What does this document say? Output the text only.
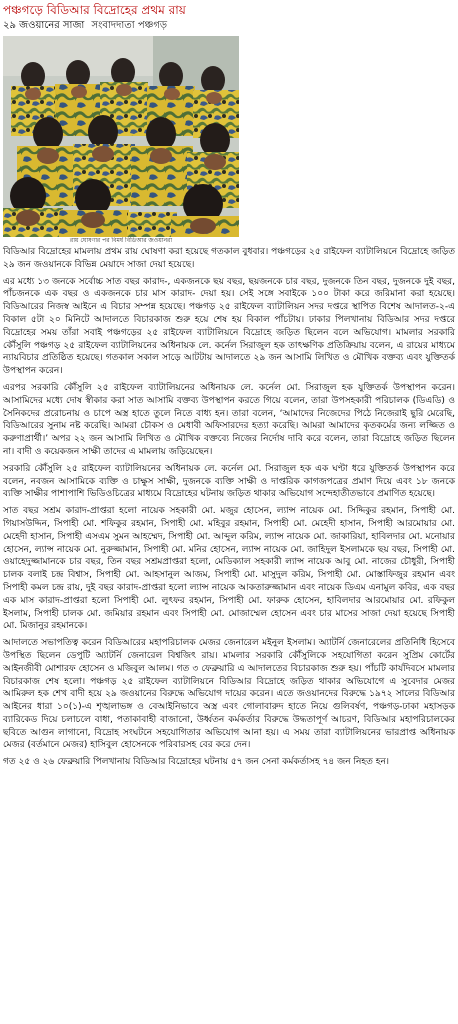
পঞ্চগড়ে বিডিআর বিদ্রোহের প্রথম রায়
২৯ জওয়ানের সাজা সংবাদদাতা পঞ্চগড়
রায় ঘোষণার পর বিমর্ষ বিডিআর জওয়ানরা

বিডিআর বিদ্রোহের মামলায় প্রথম রায় ঘোষণা করা হয়েছে গতকাল বুধবার। পঞ্চগড়ের ২৫ রাইফেল ব্যাটালিয়নে বিদ্রোহে জড়িত ২৯ জন জওয়ানকে বিভিন্ন মেয়াদে সাজা দেয়া হয়েছে।

এর মধ্যে ১৩ জনকে সর্বোচ্চ সাত বছর কারাদ-, একজনকে ছয় বছর, ছয়জনকে চার বছর, দুজনকে তিন বছর, দুজনকে দুই বছর, পাঁচজনকে এক বছর ও একজনকে চার মাস কারাদ- দেয়া হয়। সেই সঙ্গে সবাইকে ১০০ টাকা করে জরিমানা করা হয়েছে। বিডিআরের নিজস্ব আইনে এ বিচার সম্পন্ন হয়েছে। পঞ্চগড় ২৫ রাইফেল ব্যাটালিয়ন সদর দপ্তরে স্থাপিত বিশেষ আদালত-২-এ বিকাল ৫টা ২০ মিনিটে আদালতে বিচারকাজ শুরু হয়ে শেষ হয় বিকাল পাঁচটায়। ঢাকার পিলখানায় বিডিআর সদর দপ্তরে বিদ্রোহের সময় তাঁরা সবাই পঞ্চগড়ের ২৫ রাইফেল ব্যাটালিয়নে বিদ্রোহে জড়িত ছিলেন বলে অভিযোগ। মামলার সরকারি কৌঁসুলি পঞ্চগড় ২৫ রাইফেল ব্যাটালিয়নের অধিনায়ক লে. কর্নেল সিরাজুল হক তাৎক্ষণিক প্রতিক্রিয়ায় বলেন, এ রায়ের মাধ্যমে ন্যায়বিচার প্রতিষ্ঠিত হয়েছে। গতকাল সকাল সাড়ে আটটায় আদালতে ২৯ জন আসামি লিখিত ও মৌখিক বক্তব্য এবং যুক্তিতর্ক উপস্থাপন করেন।

এরপর সরকারি কৌঁসুলি ২৫ রাইফেল ব্যাটালিয়নের অধিনায়ক লে. কর্নেল মো. সিরাজুল হক যুক্তিতর্ক উপস্থাপন করেন। আসামিদের মধ্যে দোষ স্বীকার করা সাত আসামি বক্তব্য উপস্থাপন করতে গিয়ে বলেন, তারা উপসহকারী পরিচালক (ডিএডি) ও সৈনিকদের প্ররোচনায় ও চাপে অস্ত্র হাতে তুলে নিতে বাধ্য হন। তারা বলেন, ‘আমাদের নিজেদের পিঠে নিজেরাই ছুরি মেরেছি, বিডিআরের সুনাম নষ্ট করেছি। আমরা চৌকস ও মেধাবী অফিসারদের হত্যা করেছি। আমরা আমাদের কৃতকর্মের জন্য লজ্জিত ও করুণাপ্রার্থী।’ অপর ২২ জন আসামি লিখিত ও মৌখিক বক্তব্যে নিজের নির্দোষ দাবি করে বলেন, তারা বিদ্রোহে জড়িত ছিলেন না। বাদী ও কয়েকজন সাক্ষী তাদের এ মামলায় জড়িয়েছেন।

সরকারি কৌঁসুলি ২৫ রাইফেল ব্যাটালিয়নের অধিনায়ক লে. কর্নেল মো. সিরাজুল হক এক ঘণ্টা ধরে যুক্তিতর্ক উপস্থাপন করে বলেন, নবজন আসামিকে ব্যক্তি ও চাক্ষুস সাক্ষী, দুজনকে ব্যক্তি সাক্ষী ও দাপ্তরিক কাগজপত্রের প্রমাণ দিয়ে এবং ১৮ জনকে ব্যক্তি সাক্ষীর পাশাপাশি ভিডিওচিত্রের মাধ্যমে বিদ্রোহের ঘটনায় জড়িত থাকার অভিযোগ সন্দেহাতীতভাবে প্রমাণিত হয়েছে।

সাত বছর সশ্রম কারাদ-প্রাপ্তরা হলো নায়েক সহকারী মো. মজুর হোসেন, ল্যান্স নায়েক মো. সিদ্দিকুর রহমান, সিপাহী মো. গিয়াসউদ্দিন, সিপাহী মো. শফিকুর রহমান, সিপাহী মো. মহিবুর রহমান, সিপাহী মো. মেহেদী হাসান, সিপাহী আরমোয়ার মো. মেহেদী হাসান, সিপাহী এসএম সুমন আহম্মেদ, সিপাহী মো. আব্দুল করিম, ল্যান্স নায়েক মো. জাকারিয়া, হাবিলদার মো. মনোয়ার হোসেন, ল্যান্স নায়েক মো. নুরুজ্জামান, সিপাহী মো. মনির হোসেন, ল্যান্স নায়েক মো. জাহিদুল ইসলামকে ছয় বছর, সিপাহী মো. ওয়াহেদুজ্জামানকে চার বছর, তিন বছর সশ্রমপ্রাপ্তরা হলো, মেডিক্যাল সহকারী ল্যান্স নায়েক আবু মো. নাজের চৌধুরী, সিপাহী চালক বলাই চন্দ্র বিশ্বাস, সিপাহী মো. আহসানুল আজম, সিপাহী মো. মাসুদুল করিম, সিপাহী মো. মোস্তাফিজুর রহমান এবং সিপাহী কমল চন্দ্র রায়, দুই বছর কারাদ-প্রাপ্তরা হলো ল্যান্স নায়েক আকতারুজ্জামান এবং নায়েক ডিএম এনামুল কবির, এক বছর এক মাস কারাদ-প্রাপ্তরা হলো সিপাহী মো. লুৎফর রহমান, সিপাহী মো. ফারুক হোসেন, হাবিলদার আরমোয়ার মো. রফিকুল ইসলাম, সিপাহী চালক মো. জমিয়ার রহমান এবং সিপাহী মো. মোজাম্মেল হোসেন এবং চার মাসের সাজা দেয়া হয়েছে সিপাহী মো. মিজানুর রহমানকে।

আদালতে সভাপতিত্ব করেন বিডিআরের মহাপরিচালক মেজর জেনারেল মইনুল ইসলাম। অ্যাটর্নি জেনারেলের প্রতিনিধি হিসেবে উপস্থিত ছিলেন ডেপুটি অ্যাটর্নি জেনারেল বিশ্বজিৎ রায়। মামলার সরকারি কৌঁসুলিকে সহযোগিতা করেন সুপ্রিম কোর্টের আইনজীবী মোশারফ হোসেন ও মজিবুল আলম। গত ৩ ফেব্রুয়ারি এ আদালতের বিচারকাজ শুরু হয়। পাঁচটি কার্যদিবসে মামলার বিচারকাজ শেষ হলো। পঞ্চগড় ২৫ রাইফেল ব্যাটালিয়নে বিডিআর বিদ্রোহে জড়িত থাকার অভিযোগে এ সুবেদার মেজর আমিরুল হক শেখ বাদী হয়ে ২৯ জওয়ানের বিরুদ্ধে অভিযোগ দায়ের করেন। এতে জওয়ানদের বিরুদ্ধে ১৯৭২ সালের বিডিআর আইনের ধারা ১০(১)-এ শৃঙ্খলাভঙ্গ ও বেআইনিভাবে অস্ত্র এবং গোলাবারুদ হাতে নিয়ে গুলিবর্ষণ, পঞ্চগড়-ঢাকা মহাসড়ক ব্যারিকেড দিয়ে চলাচলে বাধা, পতাকাবাহী বাজানো, উর্ধ্বতন কর্মকর্তার বিরুদ্ধে উদ্ধতাপূর্ণ আচরণ, বিডিআর মহাপরিচালকের ছবিতে আগুন লাগানো, বিদ্রোহ সংঘটনে সহযোগিতার অভিযোগ আনা হয়। এ সময় তারা ব্যাটালিয়নের ভারপ্রাপ্ত অধিনায়ক মেজর (বর্তমানে মেজর) হাসিবুল হোসেনকে পরিবারসহ বের করে দেন।

গত ২৫ ও ২৬ ফেব্রুয়ারি পিলখানায় বিডিআর বিদ্রোহের ঘটনায় ৫৭ জন সেনা কর্মকর্তাসহ ৭৪ জন নিহত হন।
